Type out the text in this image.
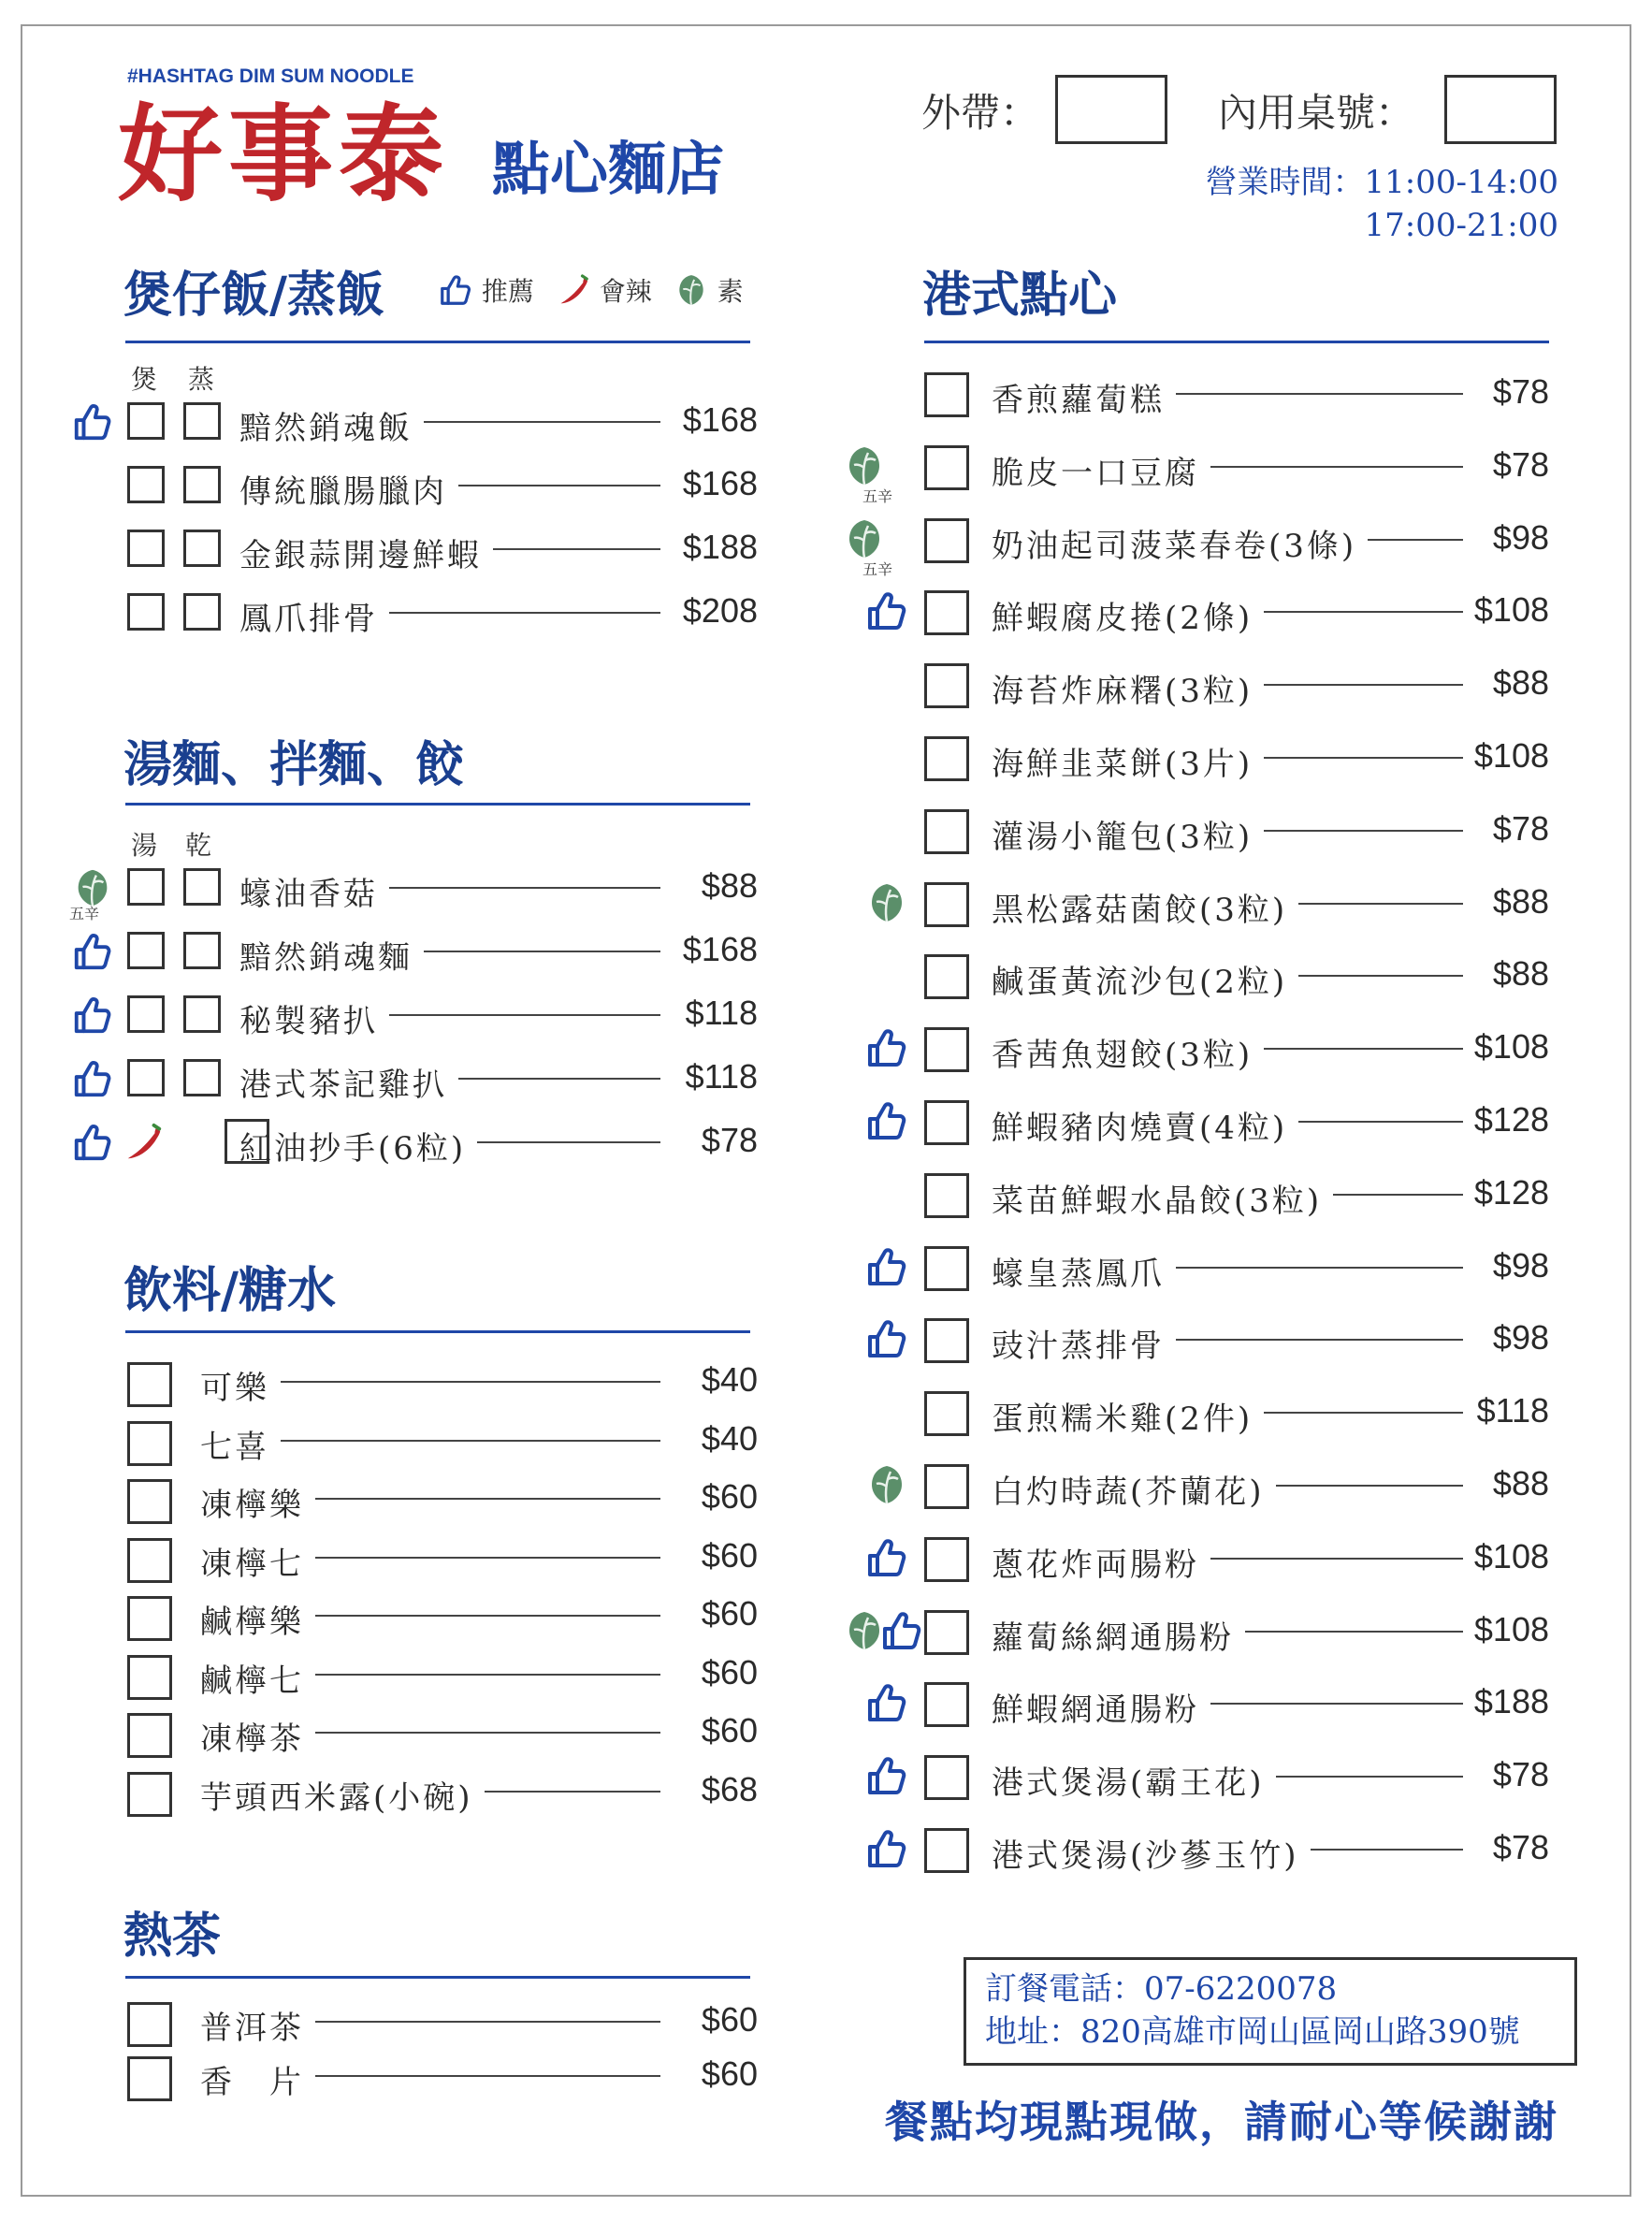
#HASHTAG DIM SUM NOODLE
好事泰 點心麵店
外帶：	內用桌號：
營業時間：11:00-14:00
17:00-21:00
煲仔飯/蒸飯	推薦 會辣 素
煲 蒸
黯然銷魂飯	$168
傳統臘腸臘肉	$168
金銀蒜開邊鮮蝦	$188
鳳爪排骨	$208
湯麵、拌麵、餃
湯 乾
五辛
蠔油香菇	$88
黯然銷魂麵	$168
秘製豬扒	$118
港式茶記雞扒	$118
紅油抄手(6粒)	$78
飲料/糖水
可樂	$40
七喜	$40
凍檸樂	$60
凍檸七	$60
鹹檸樂	$60
鹹檸七	$60
凍檸茶	$60
芋頭西米露(小碗)	$68
熱茶
普洱茶	$60
香　片	$60
港式點心
香煎蘿蔔糕	$78
五辛
脆皮一口豆腐	$78
五辛
奶油起司菠菜春卷(3條)	$98
鮮蝦腐皮捲(2條)	$108
海苔炸麻糬(3粒)	$88
海鮮韭菜餅(3片)	$108
灌湯小籠包(3粒)	$78
黑松露菇菌餃(3粒)	$88
鹹蛋黃流沙包(2粒)	$88
香茜魚翅餃(3粒)	$108
鮮蝦豬肉燒賣(4粒)	$128
菜苗鮮蝦水晶餃(3粒)	$128
蠔皇蒸鳳爪	$98
豉汁蒸排骨	$98
蛋煎糯米雞(2件)	$118
白灼時蔬(芥蘭花)	$88
蔥花炸両腸粉	$108
蘿蔔絲網通腸粉	$108
鮮蝦網通腸粉	$188
港式煲湯(霸王花)	$78
港式煲湯(沙蔘玉竹)	$78
訂餐電話：07-6220078
地址：820高雄市岡山區岡山路390號
餐點均現點現做，請耐心等候謝謝
